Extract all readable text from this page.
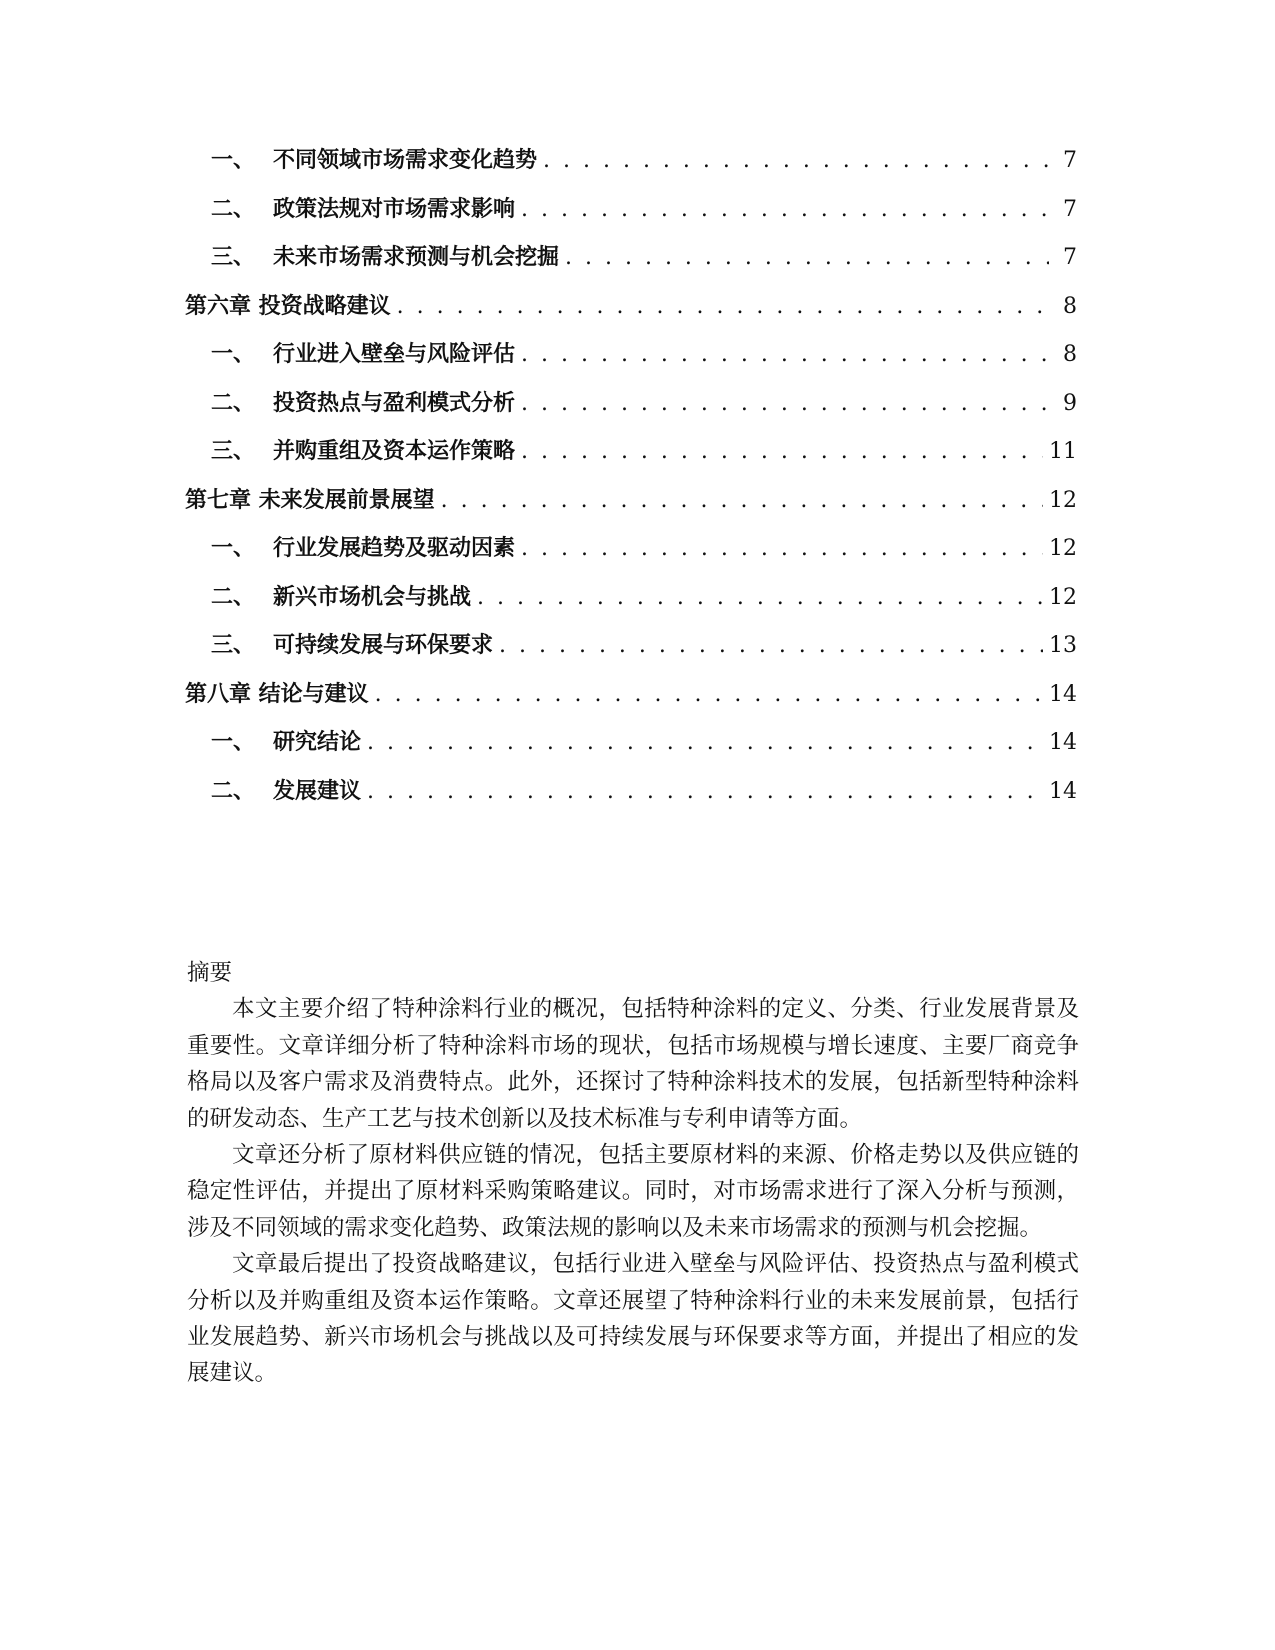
一、 不同领域市场需求变化趋势 . . .	7
二、 政策法规对市场需求影响 . . .	7
三、 未来市场需求预测与机会挖掘 . . .	7
第六章 投资战略建议 . . .	8
一、 行业进入壁垒与风险评估 . . .	8
二、 投资热点与盈利模式分析 . . .	9
三、 并购重组及资本运作策略 . . .	11
第七章 未来发展前景展望 . . .	12
一、 行业发展趋势及驱动因素 . . .	12
二、 新兴市场机会与挑战 . . .	12
三、 可持续发展与环保要求 . . .	13
第八章 结论与建议 . . .	14
一、 研究结论 . . .	14
二、 发展建议 . . .	14
摘要

本文主要介绍了特种涂料行业的概况，包括特种涂料的定义、分类、行业发展背景及重要性。文章详细分析了特种涂料市场的现状，包括市场规模与增长速度、主要厂商竞争格局以及客户需求及消费特点。此外，还探讨了特种涂料技术的发展，包括新型特种涂料的研发动态、生产工艺与技术创新以及技术标准与专利申请等方面。

文章还分析了原材料供应链的情况，包括主要原材料的来源、价格走势以及供应链的稳定性评估，并提出了原材料采购策略建议。同时，对市场需求进行了深入分析与预测，涉及不同领域的需求变化趋势、政策法规的影响以及未来市场需求的预测与机会挖掘。

文章最后提出了投资战略建议，包括行业进入壁垒与风险评估、投资热点与盈利模式分析以及并购重组及资本运作策略。文章还展望了特种涂料行业的未来发展前景，包括行业发展趋势、新兴市场机会与挑战以及可持续发展与环保要求等方面，并提出了相应的发展建议。
